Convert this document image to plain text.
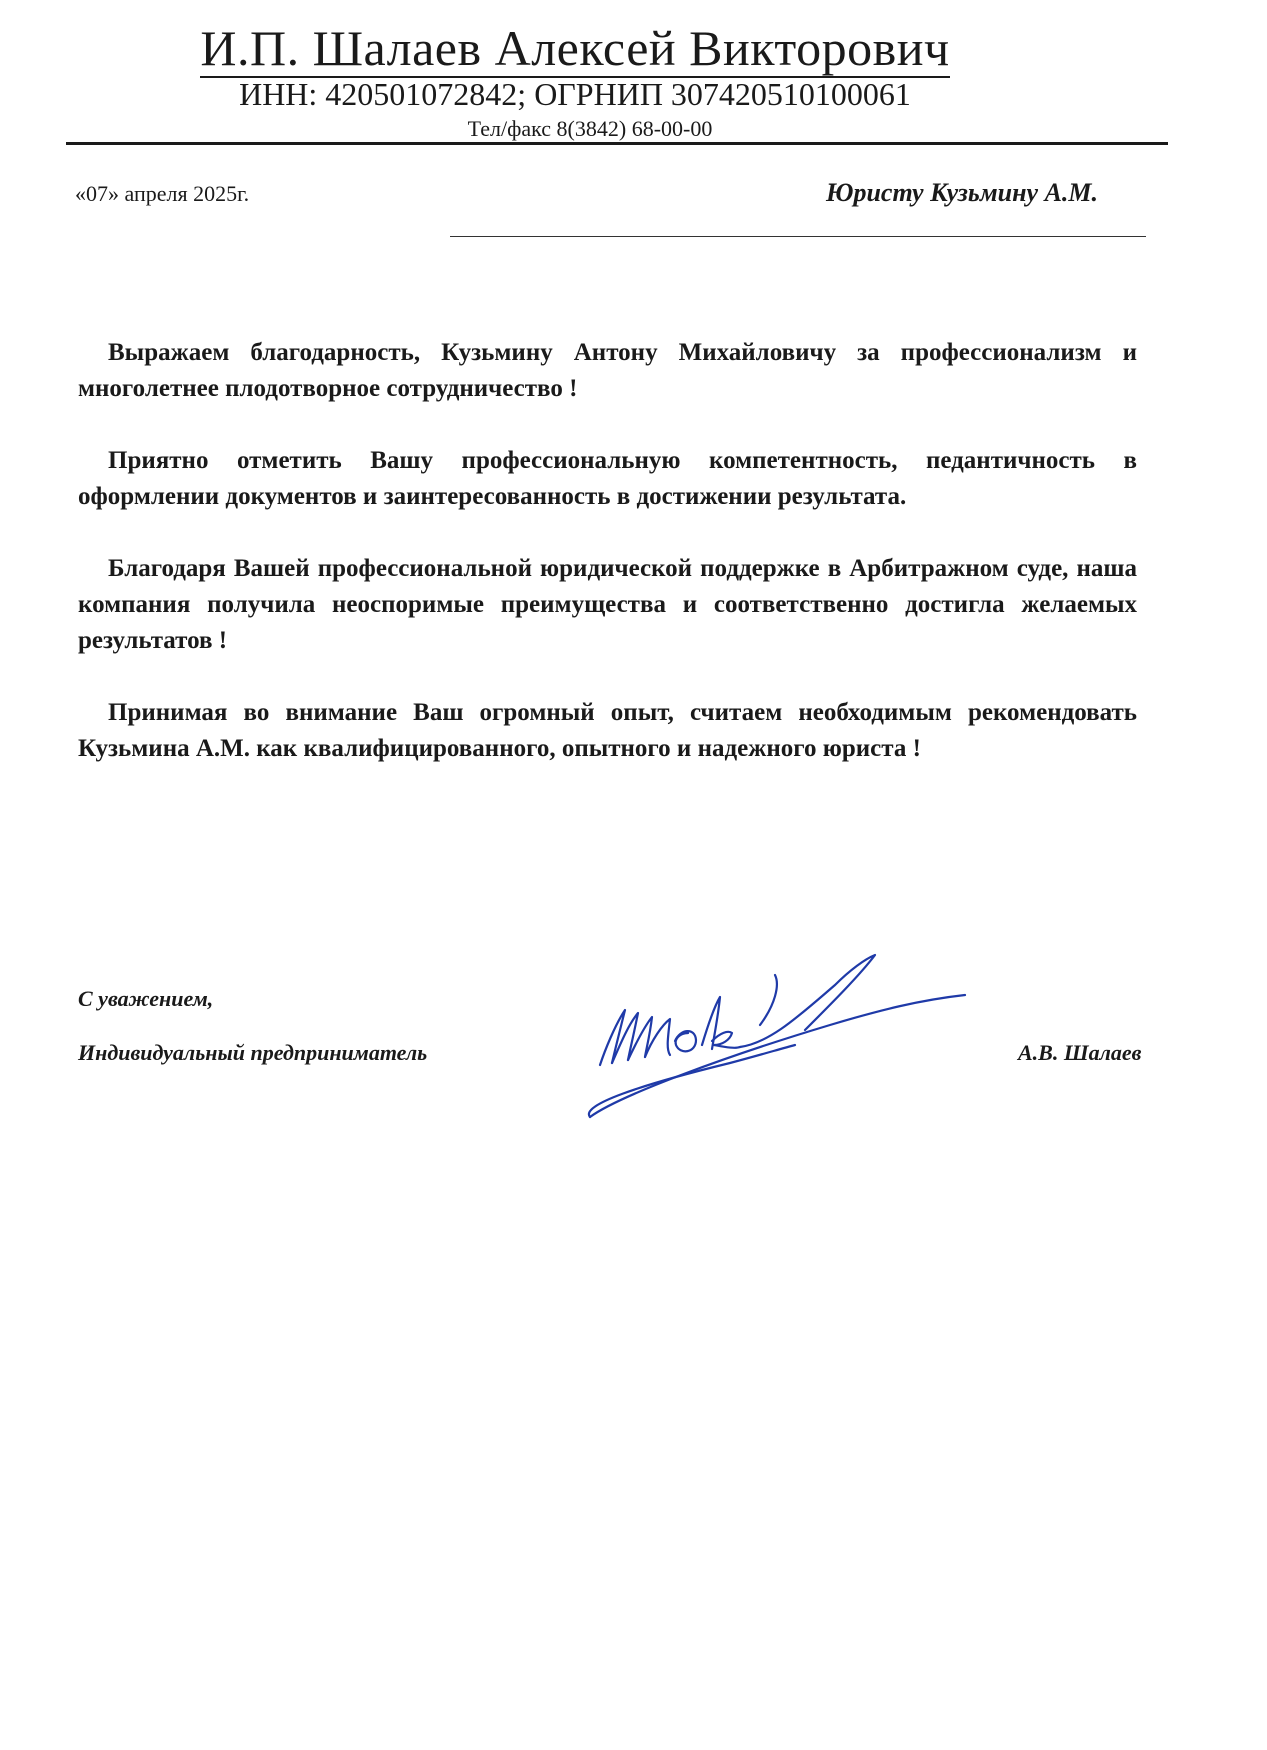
И.П. Шалаев Алексей Викторович
ИНН: 420501072842; ОГРНИП 307420510100061
Тел/факс 8(3842) 68-00-00
«07» апреля 2025г.	Юристу Кузьмину А.М.

Выражаем благодарность, Кузьмину Антону Михайловичу за профессионализм и многолетнее плодотворное сотрудничество !

Приятно отметить Вашу профессиональную компетентность, педантичность в оформлении документов и заинтересованность в достижении результата.

Благодаря Вашей профессиональной юридической поддержке в Арбитражном суде, наша компания получила неоспоримые преимущества и соответственно достигла желаемых результатов !

Принимая во внимание Ваш огромный опыт, считаем необходимым рекомендовать Кузьмина А.М. как квалифицированного, опытного и надежного юриста !

С уважением,
Индивидуальный предприниматель	А.В. Шалаев
